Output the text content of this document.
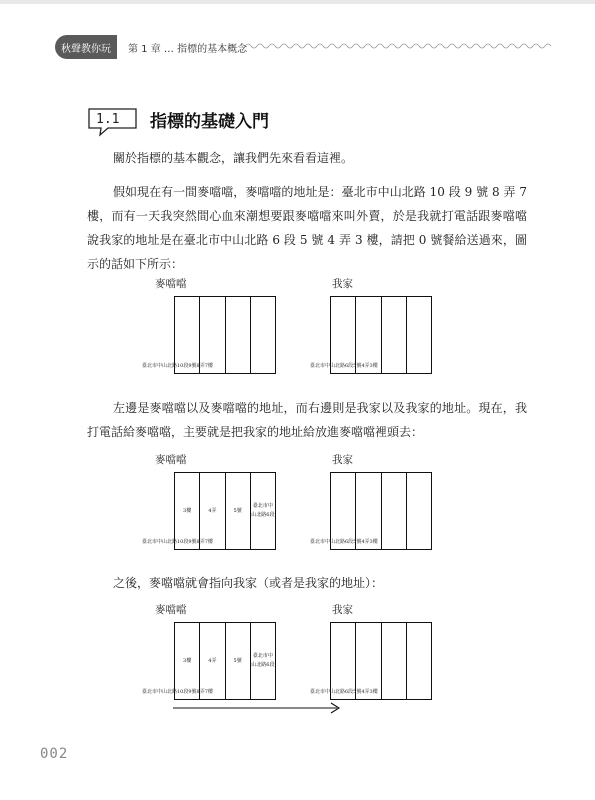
秋聲教你玩	第 1 章 … 指標的基本概念
1.1	指標的基礎入門

關於指標的基本觀念，讓我們先來看看這裡。

假如現在有一間麥噹噹，麥噹噹的地址是：臺北市中山北路 10 段 9 號 8 弄 7 樓，而有一天我突然間心血來潮想要跟麥噹噹來叫外賣，於是我就打電話跟麥噹噹說我家的地址是在臺北市中山北路 6 段 5 號 4 弄 3 樓，請把 0 號餐給送過來，圖示的話如下所示：

左邊是麥噹噹以及麥噹噹的地址，而右邊則是我家以及我家的地址。現在，我打電話給麥噹噹，主要就是把我家的地址給放進麥噹噹裡頭去：

之後，麥噹噹就會指向我家（或者是我家的地址）：

麥噹噹	我家
臺北市中山北路10段9號8弄7樓	臺北市中山北路6段5號4弄3樓
麥噹噹	我家
3樓	4弄	5號
臺北市中山北路6段
臺北市中山北路10段9號8弄7樓	臺北市中山北路6段5號4弄3樓
麥噹噹	我家
3樓	4弄	5號
臺北市中山北路6段
臺北市中山北路10段9號8弄7樓	臺北市中山北路6段5號4弄3樓
002
